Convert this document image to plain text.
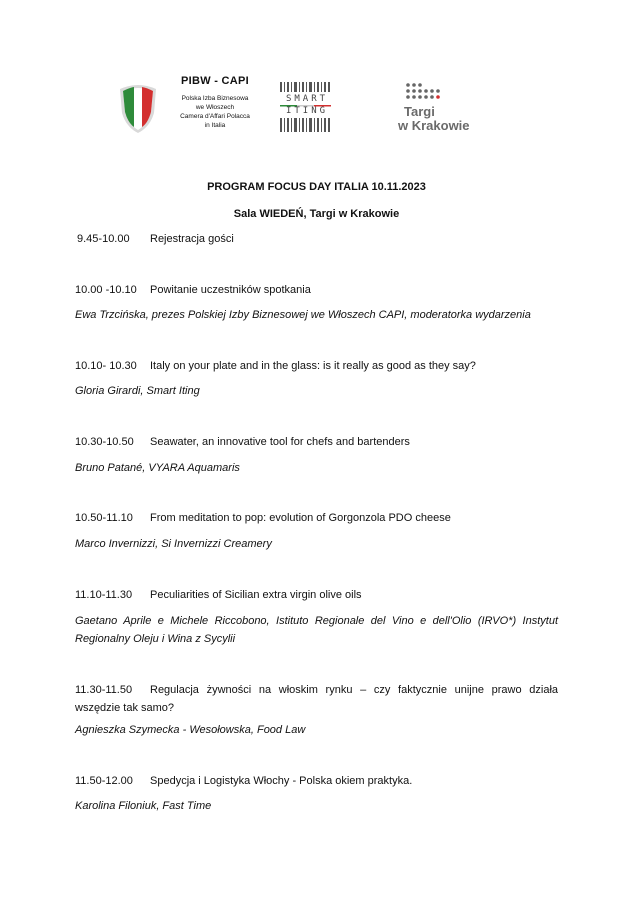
PIBW - CAPI
Polska Izba Biznesowa
we Włoszech
Camera d'Affari Polacca
in Italia
SMART
ITING	Targi
w Krakowie
PROGRAM FOCUS DAY ITALIA 10.11.2023
Sala WIEDEŃ, Targi w Krakowie
9.45-10.00 Rejestracja gości
10.00 -10.10 Powitanie uczestników spotkania
Ewa Trzcińska, prezes Polskiej Izby Biznesowej we Włoszech CAPI, moderatorka wydarzenia
10.10- 10.30 Italy on your plate and in the glass: is it really as good as they say?
Gloria Girardi, Smart Iting
10.30-10.50 Seawater, an innovative tool for chefs and bartenders
Bruno Patané, VYARA Aquamaris
10.50-11.10 From meditation to pop: evolution of Gorgonzola PDO cheese
Marco Invernizzi, Si Invernizzi Creamery
11.10-11.30 Peculiarities of Sicilian extra virgin olive oils
Gaetano Aprile e Michele Riccobono, Istituto Regionale del Vino e dell'Olio (IRVO*) Instytut Regionalny Oleju i Wina z Sycylii
11.30-11.50 Regulacja żywności na włoskim rynku – czy faktycznie unijne prawo działa wszędzie tak samo?
Agnieszka Szymecka - Wesołowska, Food Law
11.50-12.00 Spedycja i Logistyka Włochy - Polska okiem praktyka.
Karolina Filoniuk, Fast Time
